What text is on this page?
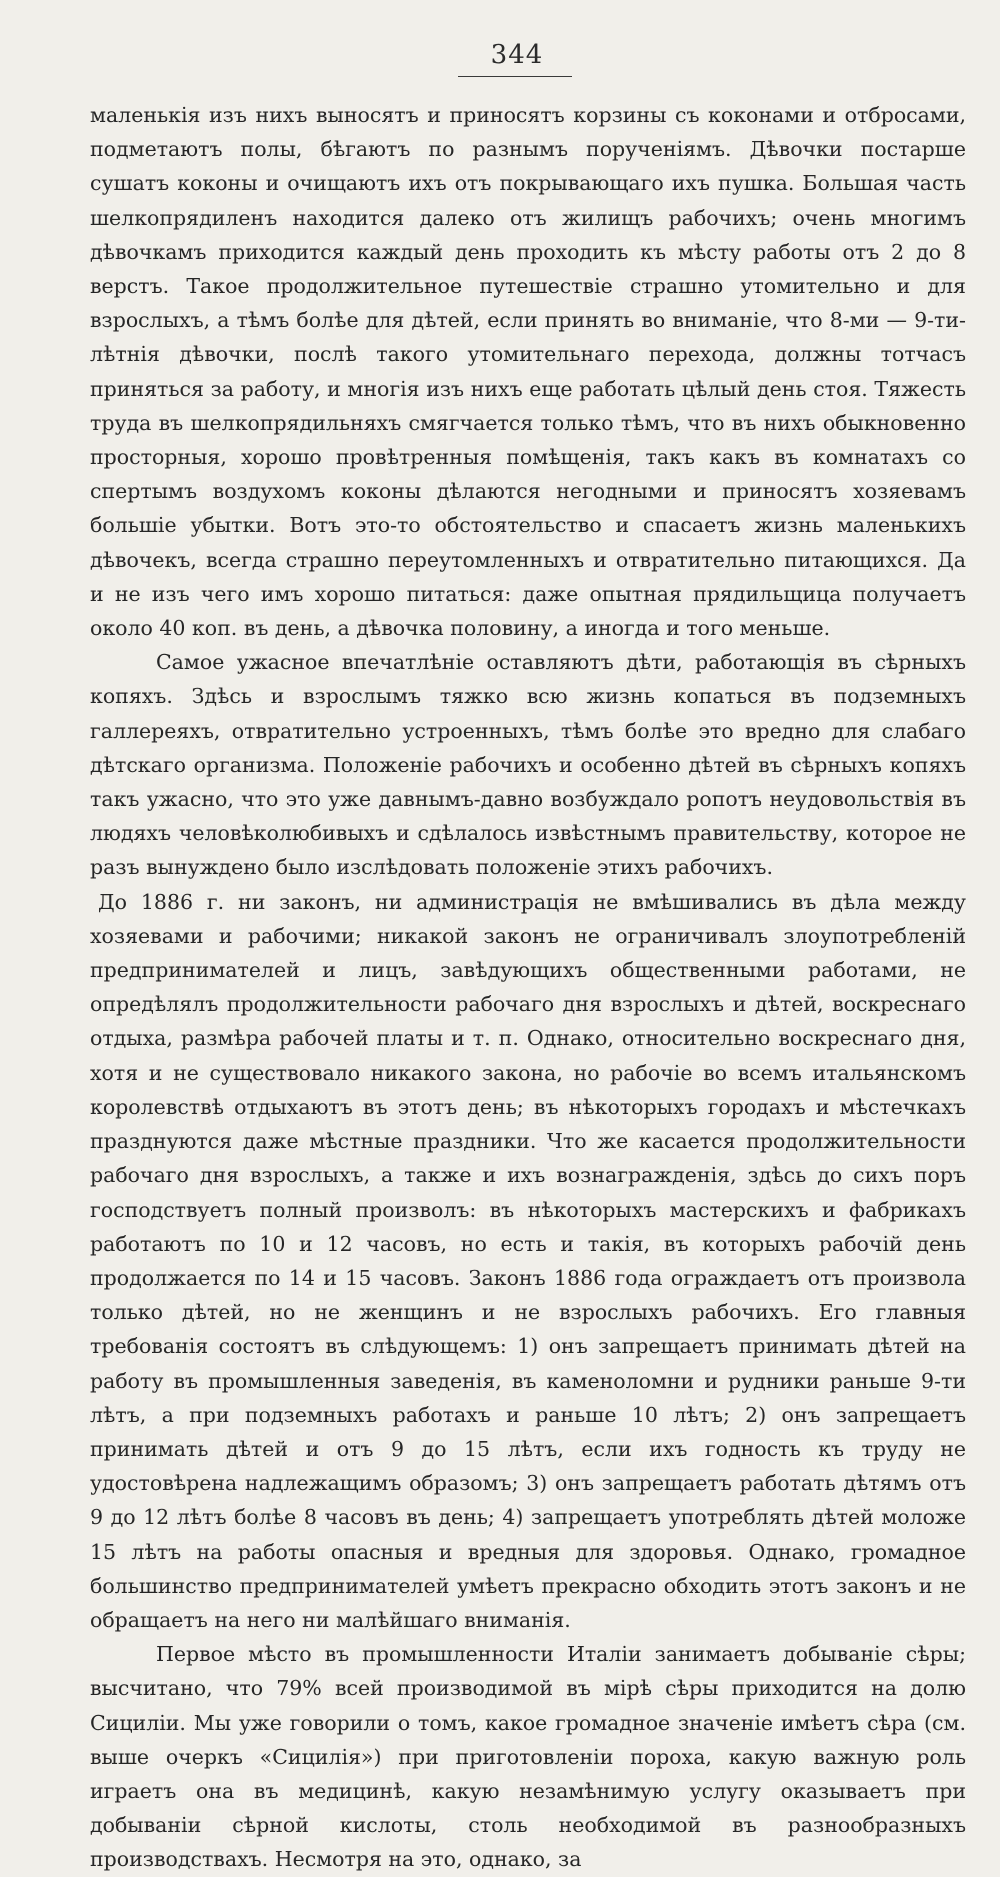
344

маленькія изъ нихъ выносятъ и приносятъ корзины съ коконами и отбросами, подметаютъ полы, бѣгаютъ по разнымъ порученіямъ. Дѣвочки постарше сушатъ коконы и очищаютъ ихъ отъ покрывающаго ихъ пушка. Большая часть шелкопрядиленъ находится далеко отъ жилищъ рабочихъ; очень многимъ дѣвочкамъ приходится каждый день проходить къ мѣсту работы отъ 2 до 8 верстъ. Такое продолжительное путешествіе страшно утомительно и для взрослыхъ, а тѣмъ болѣе для дѣтей, если принять во вниманіе, что 8-ми — 9-ти-лѣтнія дѣвочки, послѣ такого утомительнаго перехода, должны тотчасъ приняться за работу, и многія изъ нихъ еще работать цѣлый день стоя. Тяжесть труда въ шелкопрядильняхъ смягчается только тѣмъ, что въ нихъ обыкновенно просторныя, хорошо провѣтренныя помѣщенія, такъ какъ въ комнатахъ со спертымъ воздухомъ коконы дѣлаются негодными и приносятъ хозяевамъ большіе убытки. Вотъ это-то обстоятельство и спасаетъ жизнь маленькихъ дѣвочекъ, всегда страшно переутомленныхъ и отвратительно питающихся. Да и не изъ чего имъ хорошо питаться: даже опытная прядильщица получаетъ около 40 коп. въ день, а дѣвочка половину, а иногда и того меньше.

Самое ужасное впечатлѣніе оставляютъ дѣти, работающія въ сѣрныхъ копяхъ. Здѣсь и взрослымъ тяжко всю жизнь копаться въ подземныхъ галлереяхъ, отвратительно устроенныхъ, тѣмъ болѣе это вредно для слабаго дѣтскаго организма. Положеніе рабочихъ и особенно дѣтей въ сѣрныхъ копяхъ такъ ужасно, что это уже давнымъ-давно возбуждало ропотъ неудовольствія въ людяхъ человѣколюбивыхъ и сдѣлалось извѣстнымъ правительству, которое не разъ вынуждено было изслѣдовать положеніе этихъ рабочихъ.

До 1886 г. ни законъ, ни администрація не вмѣшивались въ дѣла между хозяевами и рабочими; никакой законъ не ограничивалъ злоупотребленій предпринимателей и лицъ, завѣдующихъ общественными работами, не опредѣлялъ продолжительности рабочаго дня взрослыхъ и дѣтей, воскреснаго отдыха, размѣра рабочей платы и т. п. Однако, относительно воскреснаго дня, хотя и не существовало никакого закона, но рабочіе во всемъ итальянскомъ королевствѣ отдыхаютъ въ этотъ день; въ нѣкоторыхъ городахъ и мѣстечкахъ празднуются даже мѣстные праздники. Что же касается продолжительности рабочаго дня взрослыхъ, а также и ихъ вознагражденія, здѣсь до сихъ поръ господствуетъ полный произволъ: въ нѣкоторыхъ мастерскихъ и фабрикахъ работаютъ по 10 и 12 часовъ, но есть и такія, въ которыхъ рабочій день продолжается по 14 и 15 часовъ. Законъ 1886 года ограждаетъ отъ произвола только дѣтей, но не женщинъ и не взрослыхъ рабочихъ. Его главныя требованія состоятъ въ слѣдующемъ: 1) онъ запрещаетъ принимать дѣтей на работу въ промышленныя заведенія, въ каменоломни и рудники раньше 9-ти лѣтъ, а при подземныхъ работахъ и раньше 10 лѣтъ; 2) онъ запрещаетъ принимать дѣтей и отъ 9 до 15 лѣтъ, если ихъ годность къ труду не удостовѣрена надлежащимъ образомъ; 3) онъ запрещаетъ работать дѣтямъ отъ 9 до 12 лѣтъ болѣе 8 часовъ въ день; 4) запрещаетъ употреблять дѣтей моложе 15 лѣтъ на работы опасныя и вредныя для здоровья. Однако, громадное большинство предпринимателей умѣетъ прекрасно обходить этотъ законъ и не обращаетъ на него ни малѣйшаго вниманія.

Первое мѣсто въ промышленности Италіи занимаетъ добываніе сѣры; высчитано, что 79% всей производимой въ мірѣ сѣры приходится на долю Сициліи. Мы уже говорили о томъ, какое громадное значеніе имѣетъ сѣра (см. выше очеркъ «Сицилія») при приготовленіи пороха, какую важную роль играетъ она въ медицинѣ, какую незамѣнимую услугу оказываетъ при добываніи сѣрной кислоты, столь необходимой въ разнообразныхъ производствахъ. Несмотря на это, однако, за
